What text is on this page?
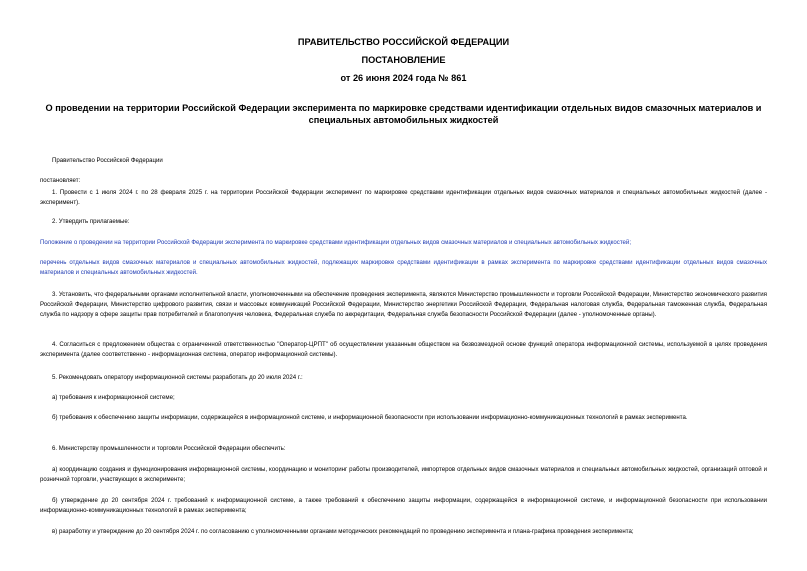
ПРАВИТЕЛЬСТВО РОССИЙСКОЙ ФЕДЕРАЦИИ
ПОСТАНОВЛЕНИЕ
от 26 июня 2024 года № 861
О проведении на территории Российской Федерации эксперимента по маркировке средствами идентификации отдельных видов смазочных материалов и специальных автомобильных жидкостей
Правительство Российской Федерации
постановляет:
1. Провести с 1 июля 2024 г. по 28 февраля 2025 г. на территории Российской Федерации эксперимент по маркировке средствами идентификации отдельных видов смазочных материалов и специальных автомобильных жидкостей (далее - эксперимент).
2. Утвердить прилагаемые:
Положение о проведении на территории Российской Федерации эксперимента по маркировке средствами идентификации отдельных видов смазочных материалов и специальных автомобильных жидкостей;
перечень отдельных видов смазочных материалов и специальных автомобильных жидкостей, подлежащих маркировке средствами идентификации в рамках эксперимента по маркировке средствами идентификации отдельных видов смазочных материалов и специальных автомобильных жидкостей.
3. Установить, что федеральными органами исполнительной власти, уполномоченными на обеспечение проведения эксперимента, являются Министерство промышленности и торговли Российской Федерации, Министерство экономического развития Российской Федерации, Министерство цифрового развития, связи и массовых коммуникаций Российской Федерации, Министерство энергетики Российской Федерации, Федеральная налоговая служба, Федеральная таможенная служба, Федеральная служба по надзору в сфере защиты прав потребителей и благополучия человека, Федеральная служба по аккредитации, Федеральная служба безопасности Российской Федерации (далее - уполномоченные органы).
4. Согласиться с предложением общества с ограниченной ответственностью "Оператор-ЦРПТ" об осуществлении указанным обществом на безвозмездной основе функций оператора информационной системы, используемой в целях проведения эксперимента (далее соответственно - информационная система, оператор информационной системы).
5. Рекомендовать оператору информационной системы разработать до 20 июля 2024 г.:
а) требования к информационной системе;
б) требования к обеспечению защиты информации, содержащейся в информационной системе, и информационной безопасности при использовании информационно-коммуникационных технологий в рамках эксперимента.
6. Министерству промышленности и торговли Российской Федерации обеспечить:
а) координацию создания и функционирования информационной системы, координацию и мониторинг работы производителей, импортеров отдельных видов смазочных материалов и специальных автомобильных жидкостей, организаций оптовой и розничной торговли, участвующих в эксперименте;
б) утверждение до 20 сентября 2024 г. требований к информационной системе, а также требований к обеспечению защиты информации, содержащейся в информационной системе, и информационной безопасности при использовании информационно-коммуникационных технологий в рамках эксперимента;
в) разработку и утверждение до 20 сентября 2024 г. по согласованию с уполномоченными органами методических рекомендаций по проведению эксперимента и плана-графика проведения эксперимента;
